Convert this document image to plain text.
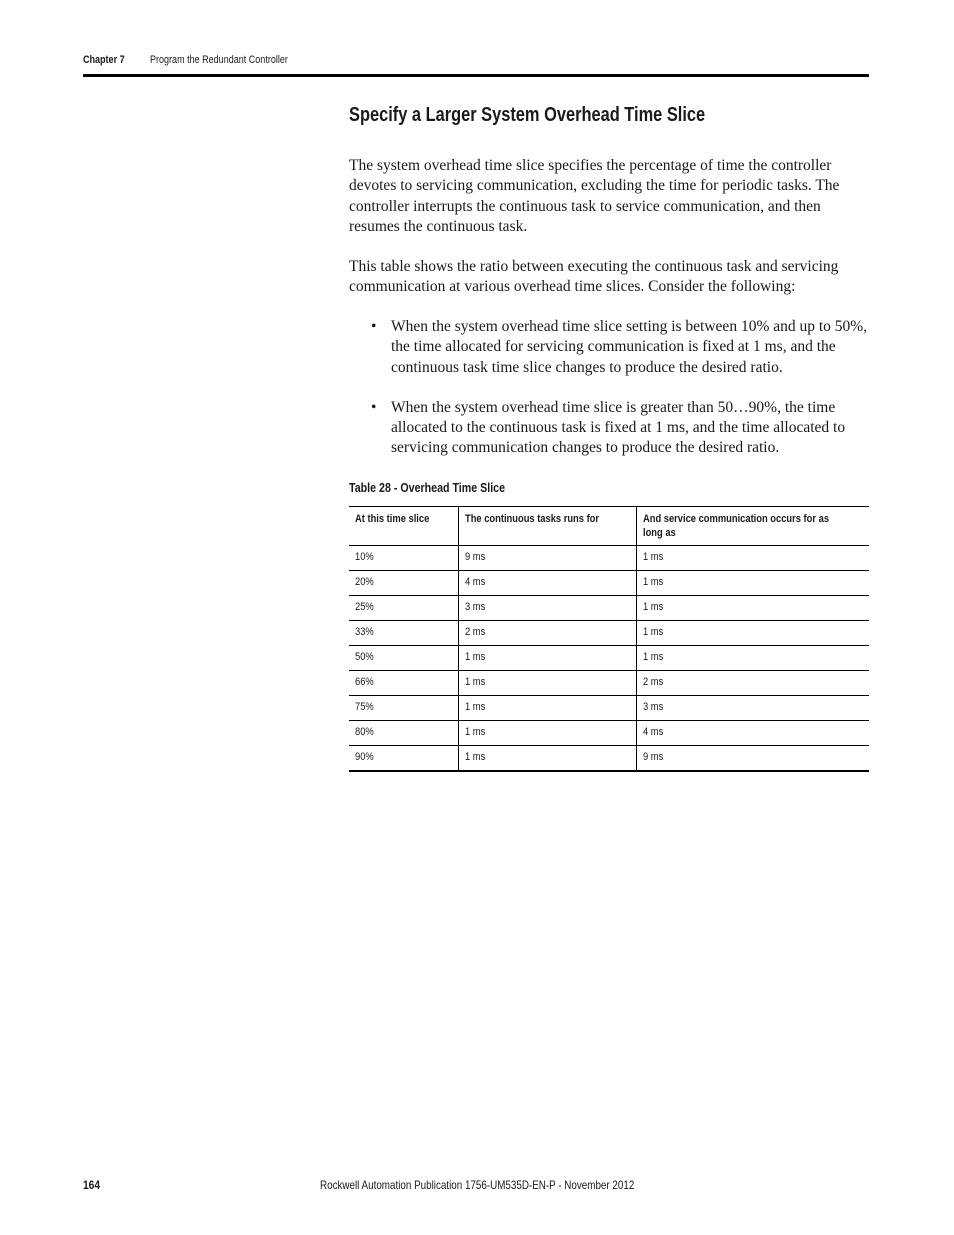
Chapter 7 Program the Redundant Controller
Specify a Larger System Overhead Time Slice

The system overhead time slice specifies the percentage of time the controller devotes to servicing communication, excluding the time for periodic tasks. The controller interrupts the continuous task to service communication, and then resumes the continuous task.

This table shows the ratio between executing the continuous task and servicing communication at various overhead time slices. Consider the following:

• When the system overhead time slice setting is between 10% and up to 50%, the time allocated for servicing communication is fixed at 1 ms, and the continuous task time slice changes to produce the desired ratio.
• When the system overhead time slice is greater than 50…90%, the time allocated to the continuous task is fixed at 1 ms, and the time allocated to servicing communication changes to produce the desired ratio.
Table 28 - Overhead Time Slice
At this time slice	The continuous tasks runs for	And service communication occurs for as long as

10%	9 ms	1 ms
20%	4 ms	1 ms
25%	3 ms	1 ms
33%	2 ms	1 ms
50%	1 ms	1 ms
66%	1 ms	2 ms
75%	1 ms	3 ms
80%	1 ms	4 ms
90%	1 ms	9 ms
164	Rockwell Automation Publication 1756-UM535D-EN-P - November 2012
